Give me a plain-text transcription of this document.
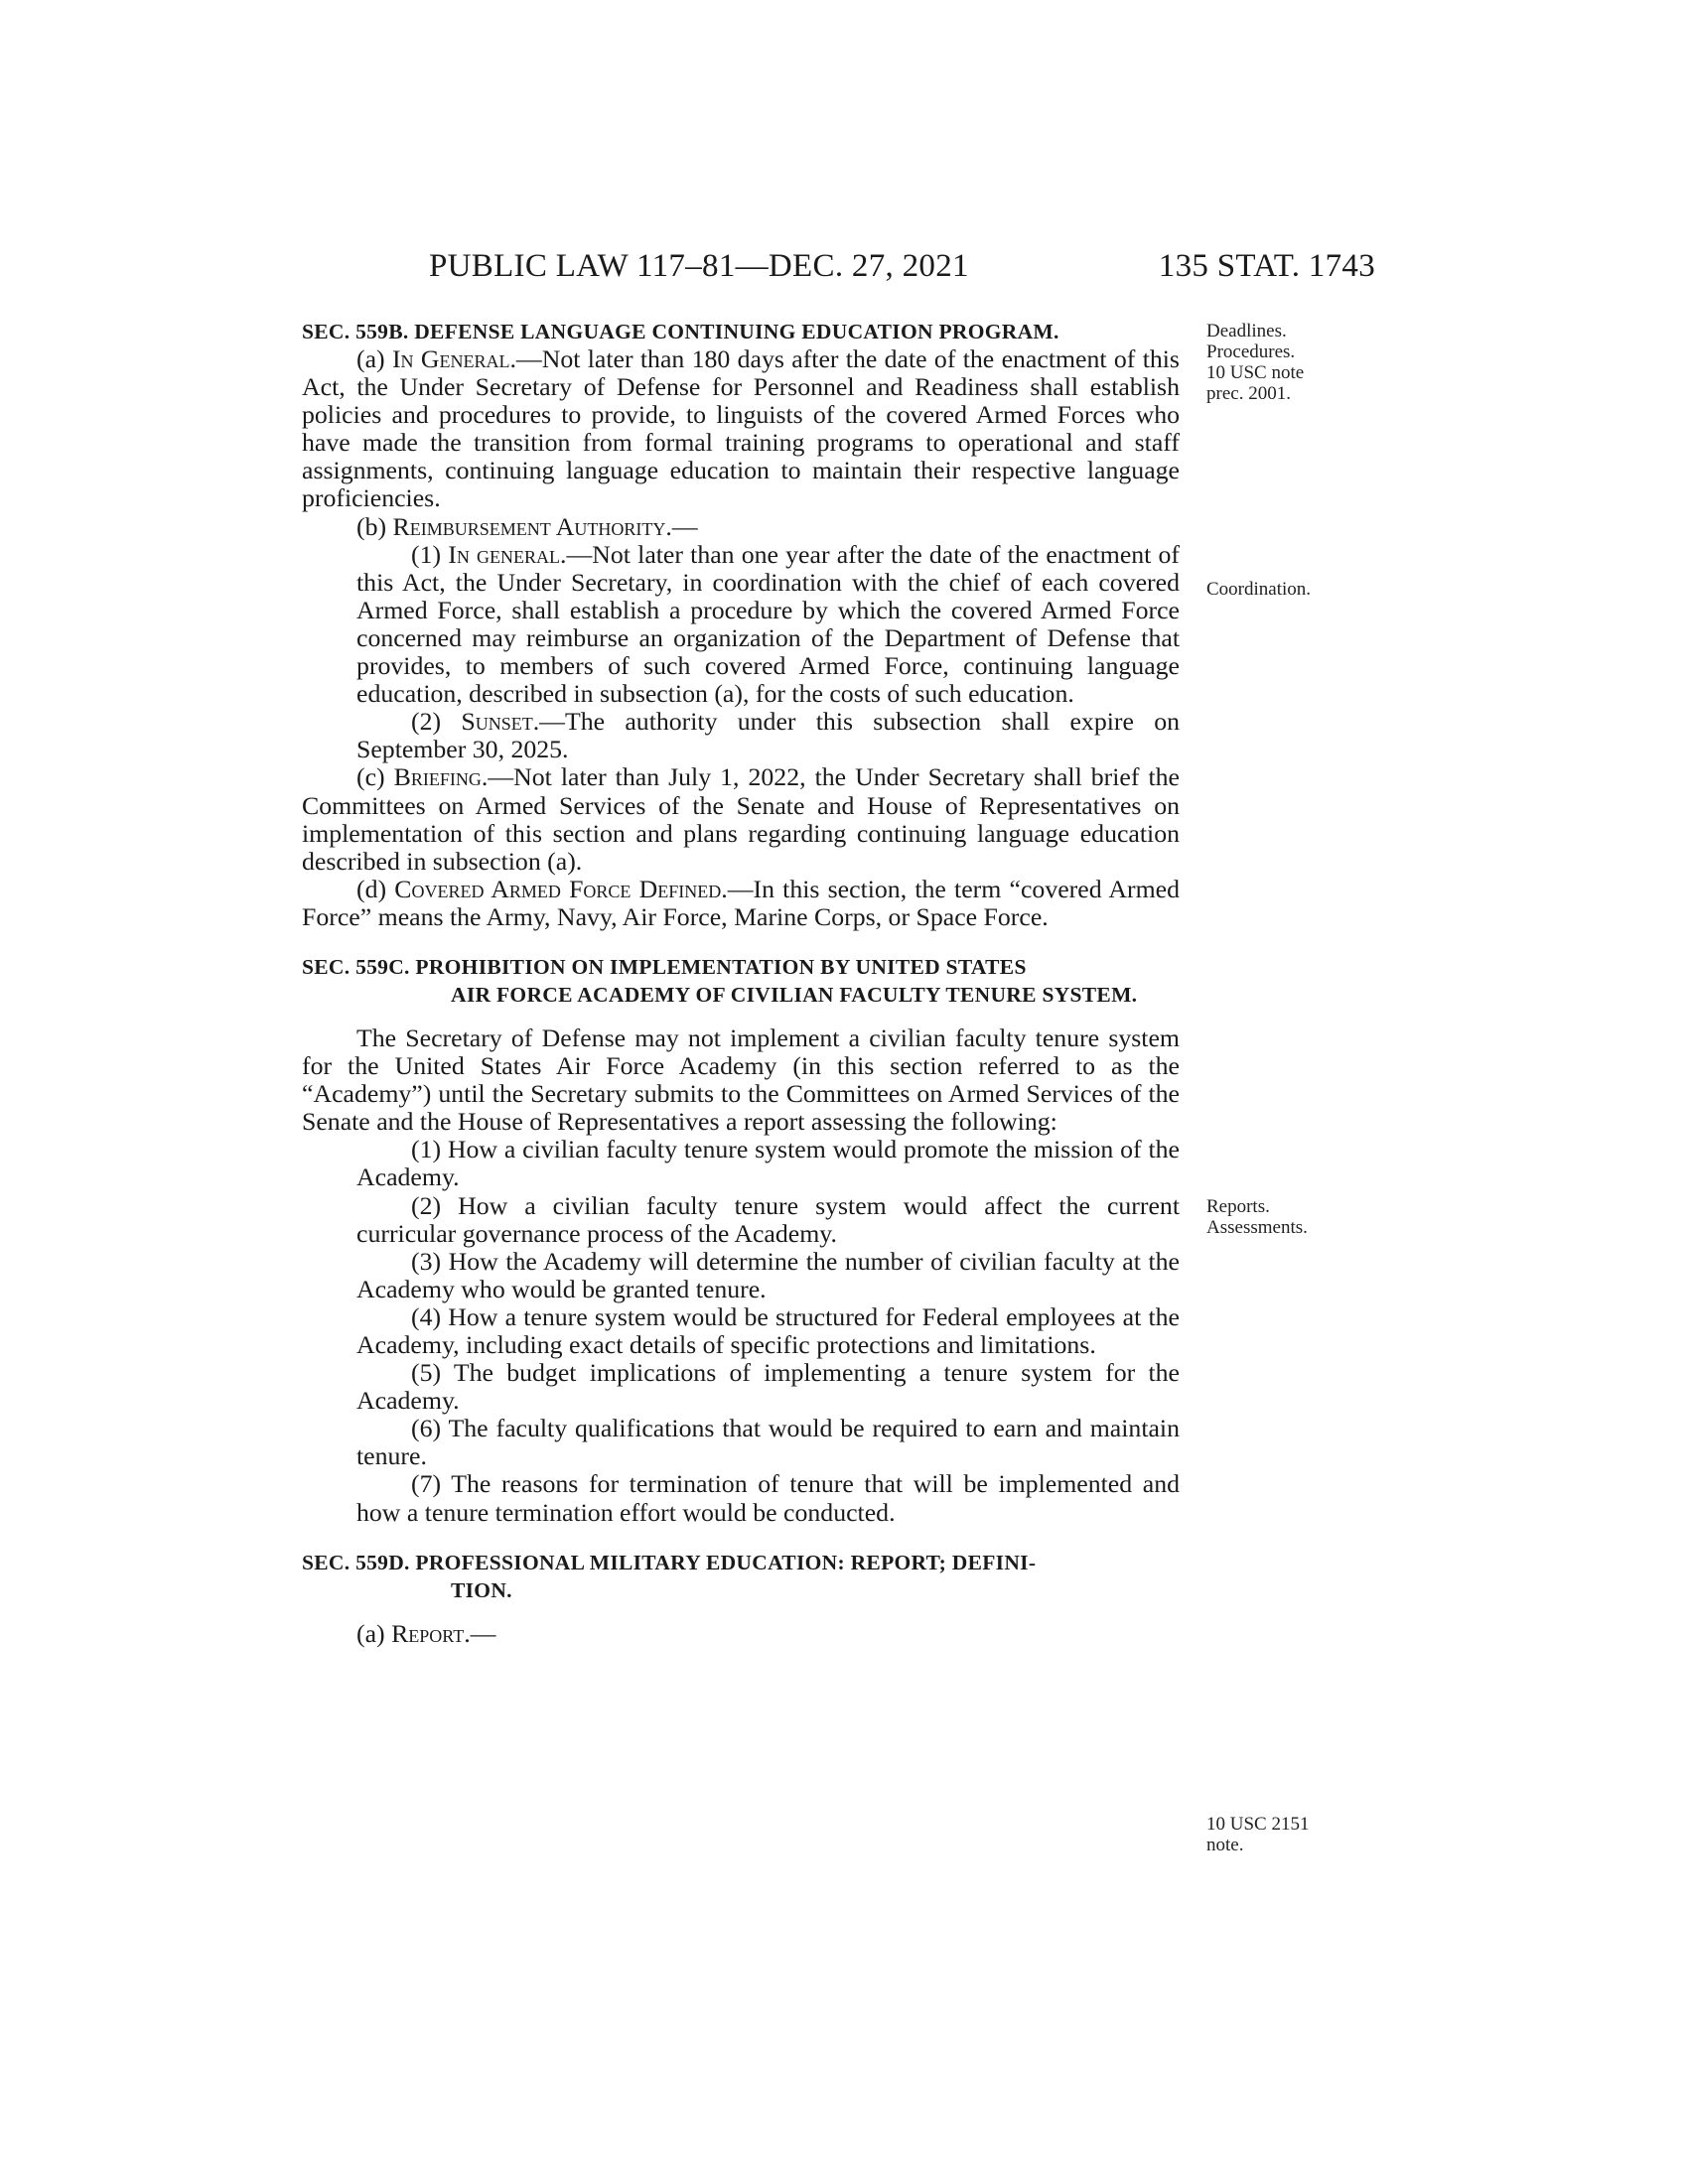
PUBLIC LAW 117–81—DEC. 27, 2021	135 STAT. 1743
Deadlines.
Procedures.
10 USC note
prec. 2001.
Coordination.
Reports.
Assessments.
10 USC 2151
note.
SEC. 559B. DEFENSE LANGUAGE CONTINUING EDUCATION PROGRAM.

(a) In General.—Not later than 180 days after the date of the enactment of this Act, the Under Secretary of Defense for Personnel and Readiness shall establish policies and procedures to provide, to linguists of the covered Armed Forces who have made the transition from formal training programs to operational and staff assignments, continuing language education to maintain their respective language proficiencies.

(b) Reimbursement Authority.—

(1) In general.—Not later than one year after the date of the enactment of this Act, the Under Secretary, in coordination with the chief of each covered Armed Force, shall establish a procedure by which the covered Armed Force concerned may reimburse an organization of the Department of Defense that provides, to members of such covered Armed Force, continuing language education, described in subsection (a), for the costs of such education.

(2) Sunset.—The authority under this subsection shall expire on September 30, 2025.

(c) Briefing.—Not later than July 1, 2022, the Under Secretary shall brief the Committees on Armed Services of the Senate and House of Representatives on implementation of this section and plans regarding continuing language education described in subsection (a).

(d) Covered Armed Force Defined.—In this section, the term “covered Armed Force” means the Army, Navy, Air Force, Marine Corps, or Space Force.

SEC. 559C. PROHIBITION ON IMPLEMENTATION BY UNITED STATES
AIR FORCE ACADEMY OF CIVILIAN FACULTY TENURE SYSTEM.

The Secretary of Defense may not implement a civilian faculty tenure system for the United States Air Force Academy (in this section referred to as the “Academy”) until the Secretary submits to the Committees on Armed Services of the Senate and the House of Representatives a report assessing the following:

(1) How a civilian faculty tenure system would promote the mission of the Academy.

(2) How a civilian faculty tenure system would affect the current curricular governance process of the Academy.

(3) How the Academy will determine the number of civilian faculty at the Academy who would be granted tenure.

(4) How a tenure system would be structured for Federal employees at the Academy, including exact details of specific protections and limitations.

(5) The budget implications of implementing a tenure system for the Academy.

(6) The faculty qualifications that would be required to earn and maintain tenure.

(7) The reasons for termination of tenure that will be implemented and how a tenure termination effort would be conducted.

SEC. 559D. PROFESSIONAL MILITARY EDUCATION: REPORT; DEFINI-
TION.

(a) Report.—
